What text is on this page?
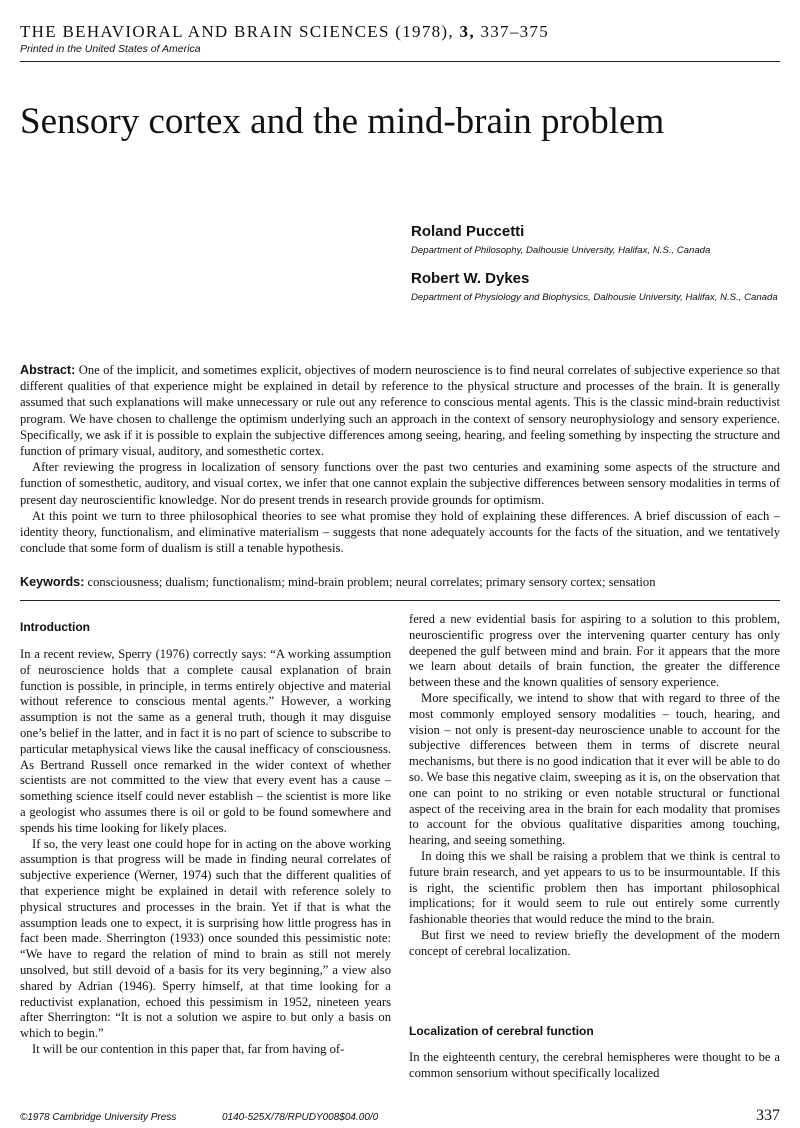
THE BEHAVIORAL AND BRAIN SCIENCES (1978), 3, 337–375
Printed in the United States of America
Sensory cortex and the mind-brain problem
Roland Puccetti
Department of Philosophy, Dalhousie University, Halifax, N.S., Canada
Robert W. Dykes
Department of Physiology and Biophysics, Dalhousie University, Halifax, N.S., Canada

Abstract: One of the implicit, and sometimes explicit, objectives of modern neuroscience is to find neural correlates of subjective experience so that different qualities of that experience might be explained in detail by reference to the physical structure and processes of the brain. It is generally assumed that such explanations will make unnecessary or rule out any reference to conscious mental agents. This is the classic mind-brain reductivist program. We have chosen to challenge the optimism underlying such an approach in the context of sensory neurophysiology and sensory experience. Specifically, we ask if it is possible to explain the subjective differences among seeing, hearing, and feeling something by inspecting the structure and function of primary visual, auditory, and somesthetic cortex.

After reviewing the progress in localization of sensory functions over the past two centuries and examining some aspects of the structure and function of somesthetic, auditory, and visual cortex, we infer that one cannot explain the subjective differences between sensory modalities in terms of present day neuroscientific knowledge. Nor do present trends in research provide grounds for optimism.

At this point we turn to three philosophical theories to see what promise they hold of explaining these differences. A brief discussion of each – identity theory, functionalism, and eliminative materialism – suggests that none adequately accounts for the facts of the situation, and we tentatively conclude that some form of dualism is still a tenable hypothesis.

Keywords: consciousness; dualism; functionalism; mind-brain problem; neural correlates; primary sensory cortex; sensation
Introduction

In a recent review, Sperry (1976) correctly says: “A working assumption of neuroscience holds that a complete causal explanation of brain function is possible, in principle, in terms entirely objective and material without reference to conscious mental agents.” However, a working assumption is not the same as a general truth, though it may disguise one’s belief in the latter, and in fact it is no part of science to subscribe to particular metaphysical views like the causal inefficacy of consciousness. As Bertrand Russell once remarked in the wider context of whether scientists are not committed to the view that every event has a cause – something science itself could never establish – the scientist is more like a geologist who assumes there is oil or gold to be found somewhere and spends his time looking for likely places.

If so, the very least one could hope for in acting on the above working assumption is that progress will be made in finding neural correlates of subjective experience (Werner, 1974) such that the different qualities of that experience might be explained in detail with reference solely to physical structures and processes in the brain. Yet if that is what the assumption leads one to expect, it is surprising how little progress has in fact been made. Sherrington (1933) once sounded this pessimistic note: “We have to regard the relation of mind to brain as still not merely unsolved, but still devoid of a basis for its very beginning,” a view also shared by Adrian (1946). Sperry himself, at that time looking for a reductivist explanation, echoed this pessimism in 1952, nineteen years after Sherrington: “It is not a solution we aspire to but only a basis on which to begin.”

It will be our contention in this paper that, far from having of-

fered a new evidential basis for aspiring to a solution to this problem, neuroscientific progress over the intervening quarter century has only deepened the gulf between mind and brain. For it appears that the more we learn about details of brain function, the greater the difference between these and the known qualities of sensory experience.

More specifically, we intend to show that with regard to three of the most commonly employed sensory modalities – touch, hearing, and vision – not only is present-day neuroscience unable to account for the subjective differences between them in terms of discrete neural mechanisms, but there is no good indication that it ever will be able to do so. We base this negative claim, sweeping as it is, on the observation that one can point to no striking or even notable structural or functional aspect of the receiving area in the brain for each modality that promises to account for the obvious qualitative disparities among touching, hearing, and seeing something.

In doing this we shall be raising a problem that we think is central to future brain research, and yet appears to us to be insurmountable. If this is right, the scientific problem then has important philosophical implications; for it would seem to rule out entirely some currently fashionable theories that would reduce the mind to the brain.

But first we need to review briefly the development of the modern concept of cerebral localization.

Localization of cerebral function

In the eighteenth century, the cerebral hemispheres were thought to be a common sensorium without specifically localized

©1978 Cambridge University Press	0140-525X/78/RPUDY008$04.00/0	337
